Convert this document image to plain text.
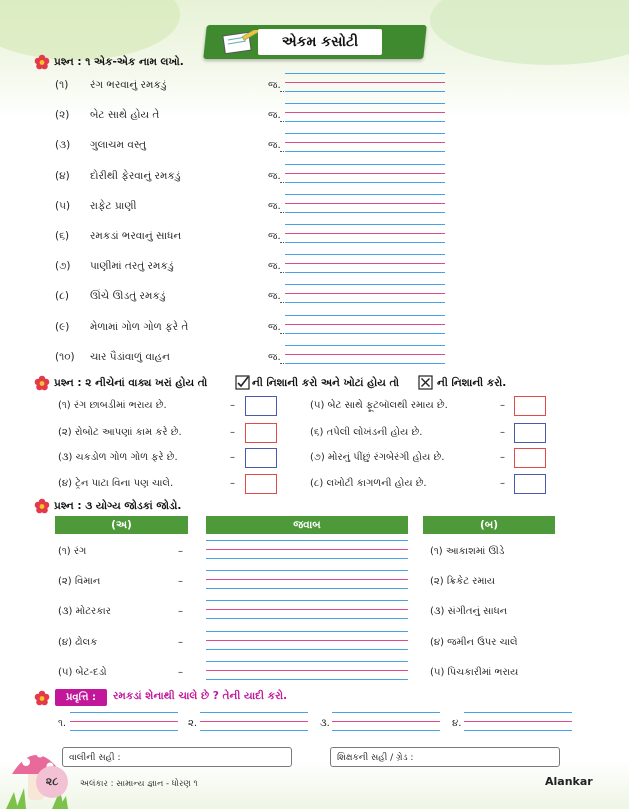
એકમ કસોટી
પ્રશ્ન : ૧ એક-એક નામ લખો.
(૧) રંગ ભરવાનું રમકડું	જ.
(૨) બેટ સાથે હોય તે	જ.
(૩) ગુલાચમ વસ્તુ	જ.
(૪) દોરીથી ફેરવાનું રમકડું	જ.
(૫) રાફેટ પ્રાણી	જ.
(૬) રમકડાં ભરવાનું સાધન	જ.
(૭) પાણીમાં તરતું રમકડું	જ.
(૮) ઊંચે ઊડતું રમકડું	જ.
(૯) મેળામાં ગોળ ગોળ ફરે તે	જ.
(૧૦) ચાર પૈડાંવાળું વાહન	જ.
પ્રશ્ન : ૨ નીચેનાં વાક્ય ખરાં હોય તો	ની નિશાની કરો અને ખોટાં હોય તો ☒ ની નિશાની કરો.
(૧) રંગ છાબડીમાં ભરાય છે.	–
(૨) રોબોટ આપણાં કામ કરે છે.	–
(૩) ચકડોળ ગોળ ગોળ ફરે છે.	–
(૪) ટ્રેન પાટા વિના પણ ચાલે.	–
(૫) બેટ સાથે ફૂટબૉલથી રમાય છે.	–
(૬) તપેલી લોખંડની હોય છે.	–
(૭) મોરનું પીંછું રંગબેરંગી હોય છે.	–
(૮) લખોટી કાગળની હોય છે.	–
પ્રશ્ન : ૩ યોગ્ય જોડકાં જોડો.
(અ)	જવાબ	(બ)
(૧) રંગ	–	(૧) આકાશમાં ઊડે
(૨) વિમાન	–	(૨) ક્રિકેટ રમાય
(૩) મોટરકાર	–	(૩) સંગીતનું સાધન
(૪) ઢોલક	–	(૪) જમીન ઉપર ચાલે
(૫) બેટ-દડો	–	(૫) પિચકારીમાં ભરાય
પ્રવૃત્તિ :	રમકડાં શેનાથી ચાલે છે ? તેની યાદી કરો.
૧.	૨.	૩.	૪.
વાલીની સહી :	શિક્ષકની સહી / ગ્રેડ :
૨૮	અલંકાર : સામાન્ય જ્ઞાન - ધોરણ ૧	Alankar
